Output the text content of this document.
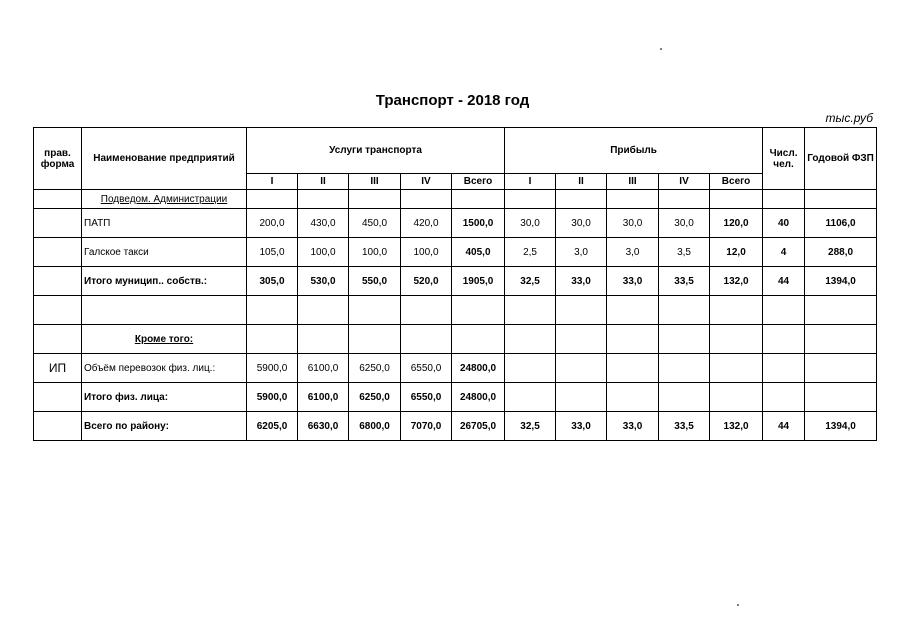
Транспорт - 2018 год
тыс.руб
прав. форма	Наименование предприятий	Услуги транспорта					Прибыль					Числ. чел.	Годовой ФЗП
		I	II	III	IV	Всего	I	II	III	IV	Всего		
	Подведом. Администрации												
	ПАТП	200,0	430,0	450,0	420,0	1500,0	30,0	30,0	30,0	30,0	120,0	40	1106,0
	Галское такси	105,0	100,0	100,0	100,0	405,0	2,5	3,0	3,0	3,5	12,0	4	288,0
	Итого муницип.. собств.:	305,0	530,0	550,0	520,0	1905,0	32,5	33,0	33,0	33,5	132,0	44	1394,0

	Кроме того:												
ИП	Объём перевозок физ. лиц.:	5900,0	6100,0	6250,0	6550,0	24800,0							
	Итого физ. лица:	5900,0	6100,0	6250,0	6550,0	24800,0							
	Всего по району:	6205,0	6630,0	6800,0	7070,0	26705,0	32,5	33,0	33,0	33,5	132,0	44	1394,0
